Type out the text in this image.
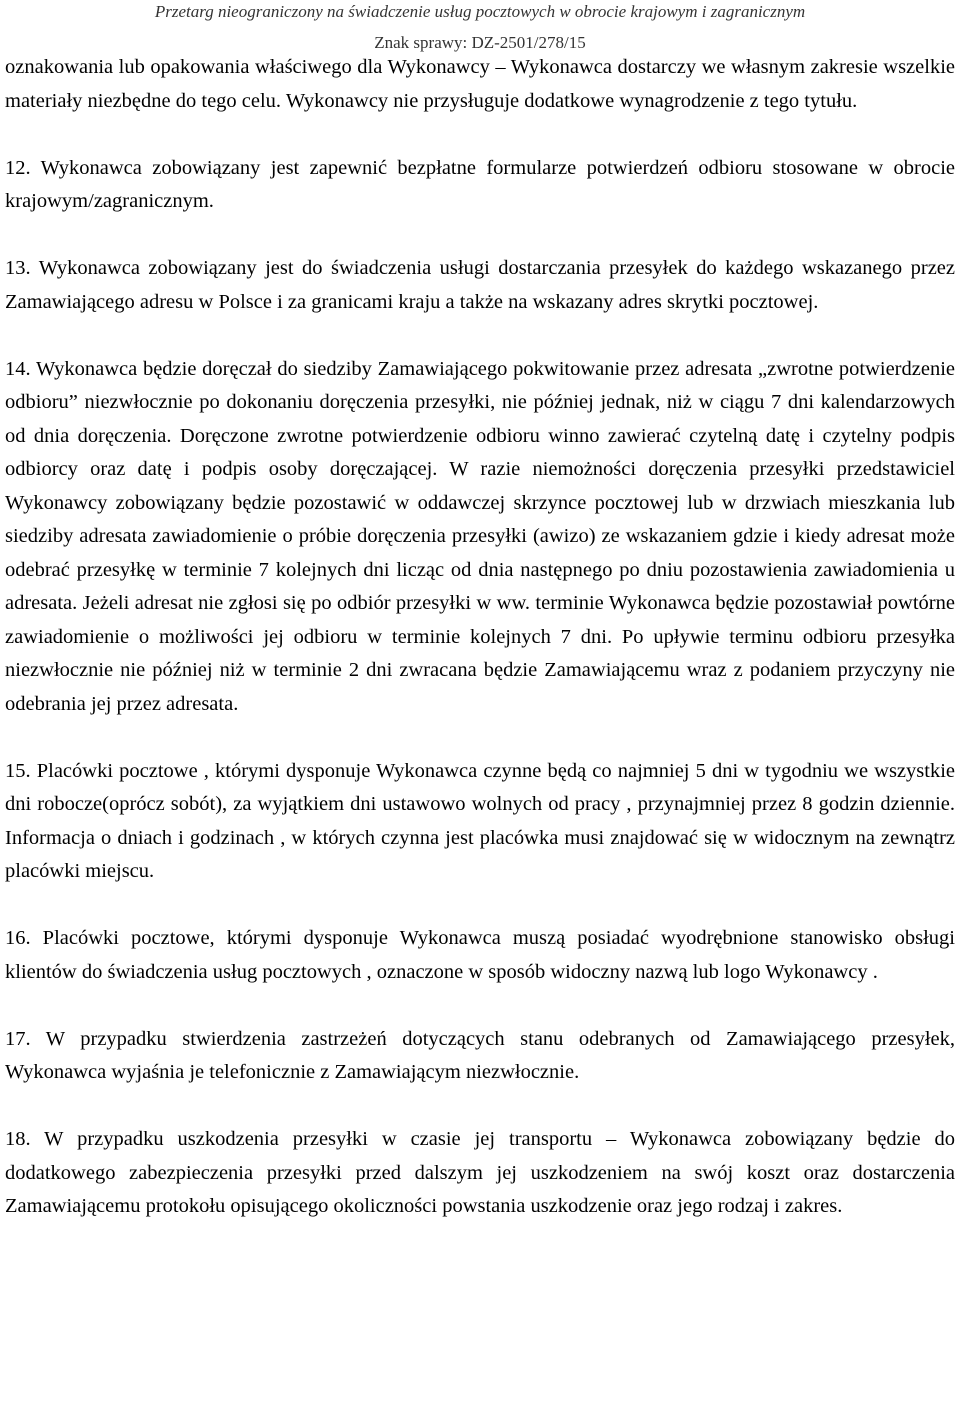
Przetarg nieograniczony na świadczenie usług pocztowych w obrocie krajowym i zagranicznym
Znak sprawy: DZ-2501/278/15

oznakowania lub opakowania właściwego dla Wykonawcy – Wykonawca dostarczy we własnym zakresie wszelkie materiały niezbędne do tego celu. Wykonawcy nie przysługuje dodatkowe wynagrodzenie z tego tytułu.

12. Wykonawca zobowiązany jest zapewnić bezpłatne formularze potwierdzeń odbioru stosowane w obrocie krajowym/zagranicznym.

13. Wykonawca zobowiązany jest do świadczenia usługi dostarczania przesyłek do każdego wskazanego przez Zamawiającego adresu w Polsce i za granicami kraju a także na wskazany adres skrytki pocztowej.

14. Wykonawca będzie doręczał do siedziby Zamawiającego pokwitowanie przez adresata „zwrotne potwierdzenie odbioru” niezwłocznie po dokonaniu doręczenia przesyłki, nie później jednak, niż w ciągu 7 dni kalendarzowych od dnia doręczenia. Doręczone zwrotne potwierdzenie odbioru winno zawierać czytelną datę i czytelny podpis odbiorcy oraz datę i podpis osoby doręczającej. W razie niemożności doręczenia przesyłki przedstawiciel Wykonawcy zobowiązany będzie pozostawić w oddawczej skrzynce pocztowej lub w drzwiach mieszkania lub siedziby adresata zawiadomienie o próbie doręczenia przesyłki (awizo) ze wskazaniem gdzie i kiedy adresat może odebrać przesyłkę w terminie 7 kolejnych dni licząc od dnia następnego po dniu pozostawienia zawiadomienia u adresata. Jeżeli adresat nie zgłosi się po odbiór przesyłki w ww. terminie Wykonawca będzie pozostawiał powtórne zawiadomienie o możliwości jej odbioru w terminie kolejnych 7 dni. Po upływie terminu odbioru przesyłka niezwłocznie nie później niż w terminie 2 dni zwracana będzie Zamawiającemu wraz z podaniem przyczyny nie odebrania jej przez adresata.

15. Placówki pocztowe , którymi dysponuje Wykonawca czynne będą co najmniej 5 dni w tygodniu we wszystkie dni robocze(oprócz sobót), za wyjątkiem dni ustawowo wolnych od pracy , przynajmniej przez 8 godzin dziennie. Informacja o dniach i godzinach , w których czynna jest placówka musi znajdować się w widocznym na zewnątrz placówki miejscu.

16. Placówki pocztowe, którymi dysponuje Wykonawca muszą posiadać wyodrębnione stanowisko obsługi klientów do świadczenia usług pocztowych , oznaczone w sposób widoczny nazwą lub logo Wykonawcy .

17. W przypadku stwierdzenia zastrzeżeń dotyczących stanu odebranych od Zamawiającego przesyłek, Wykonawca wyjaśnia je telefonicznie z Zamawiającym niezwłocznie.

18. W przypadku uszkodzenia przesyłki w czasie jej transportu – Wykonawca zobowiązany będzie do dodatkowego zabezpieczenia przesyłki przed dalszym jej uszkodzeniem na swój koszt oraz dostarczenia Zamawiającemu protokołu opisującego okoliczności powstania uszkodzenie oraz jego rodzaj i zakres.
